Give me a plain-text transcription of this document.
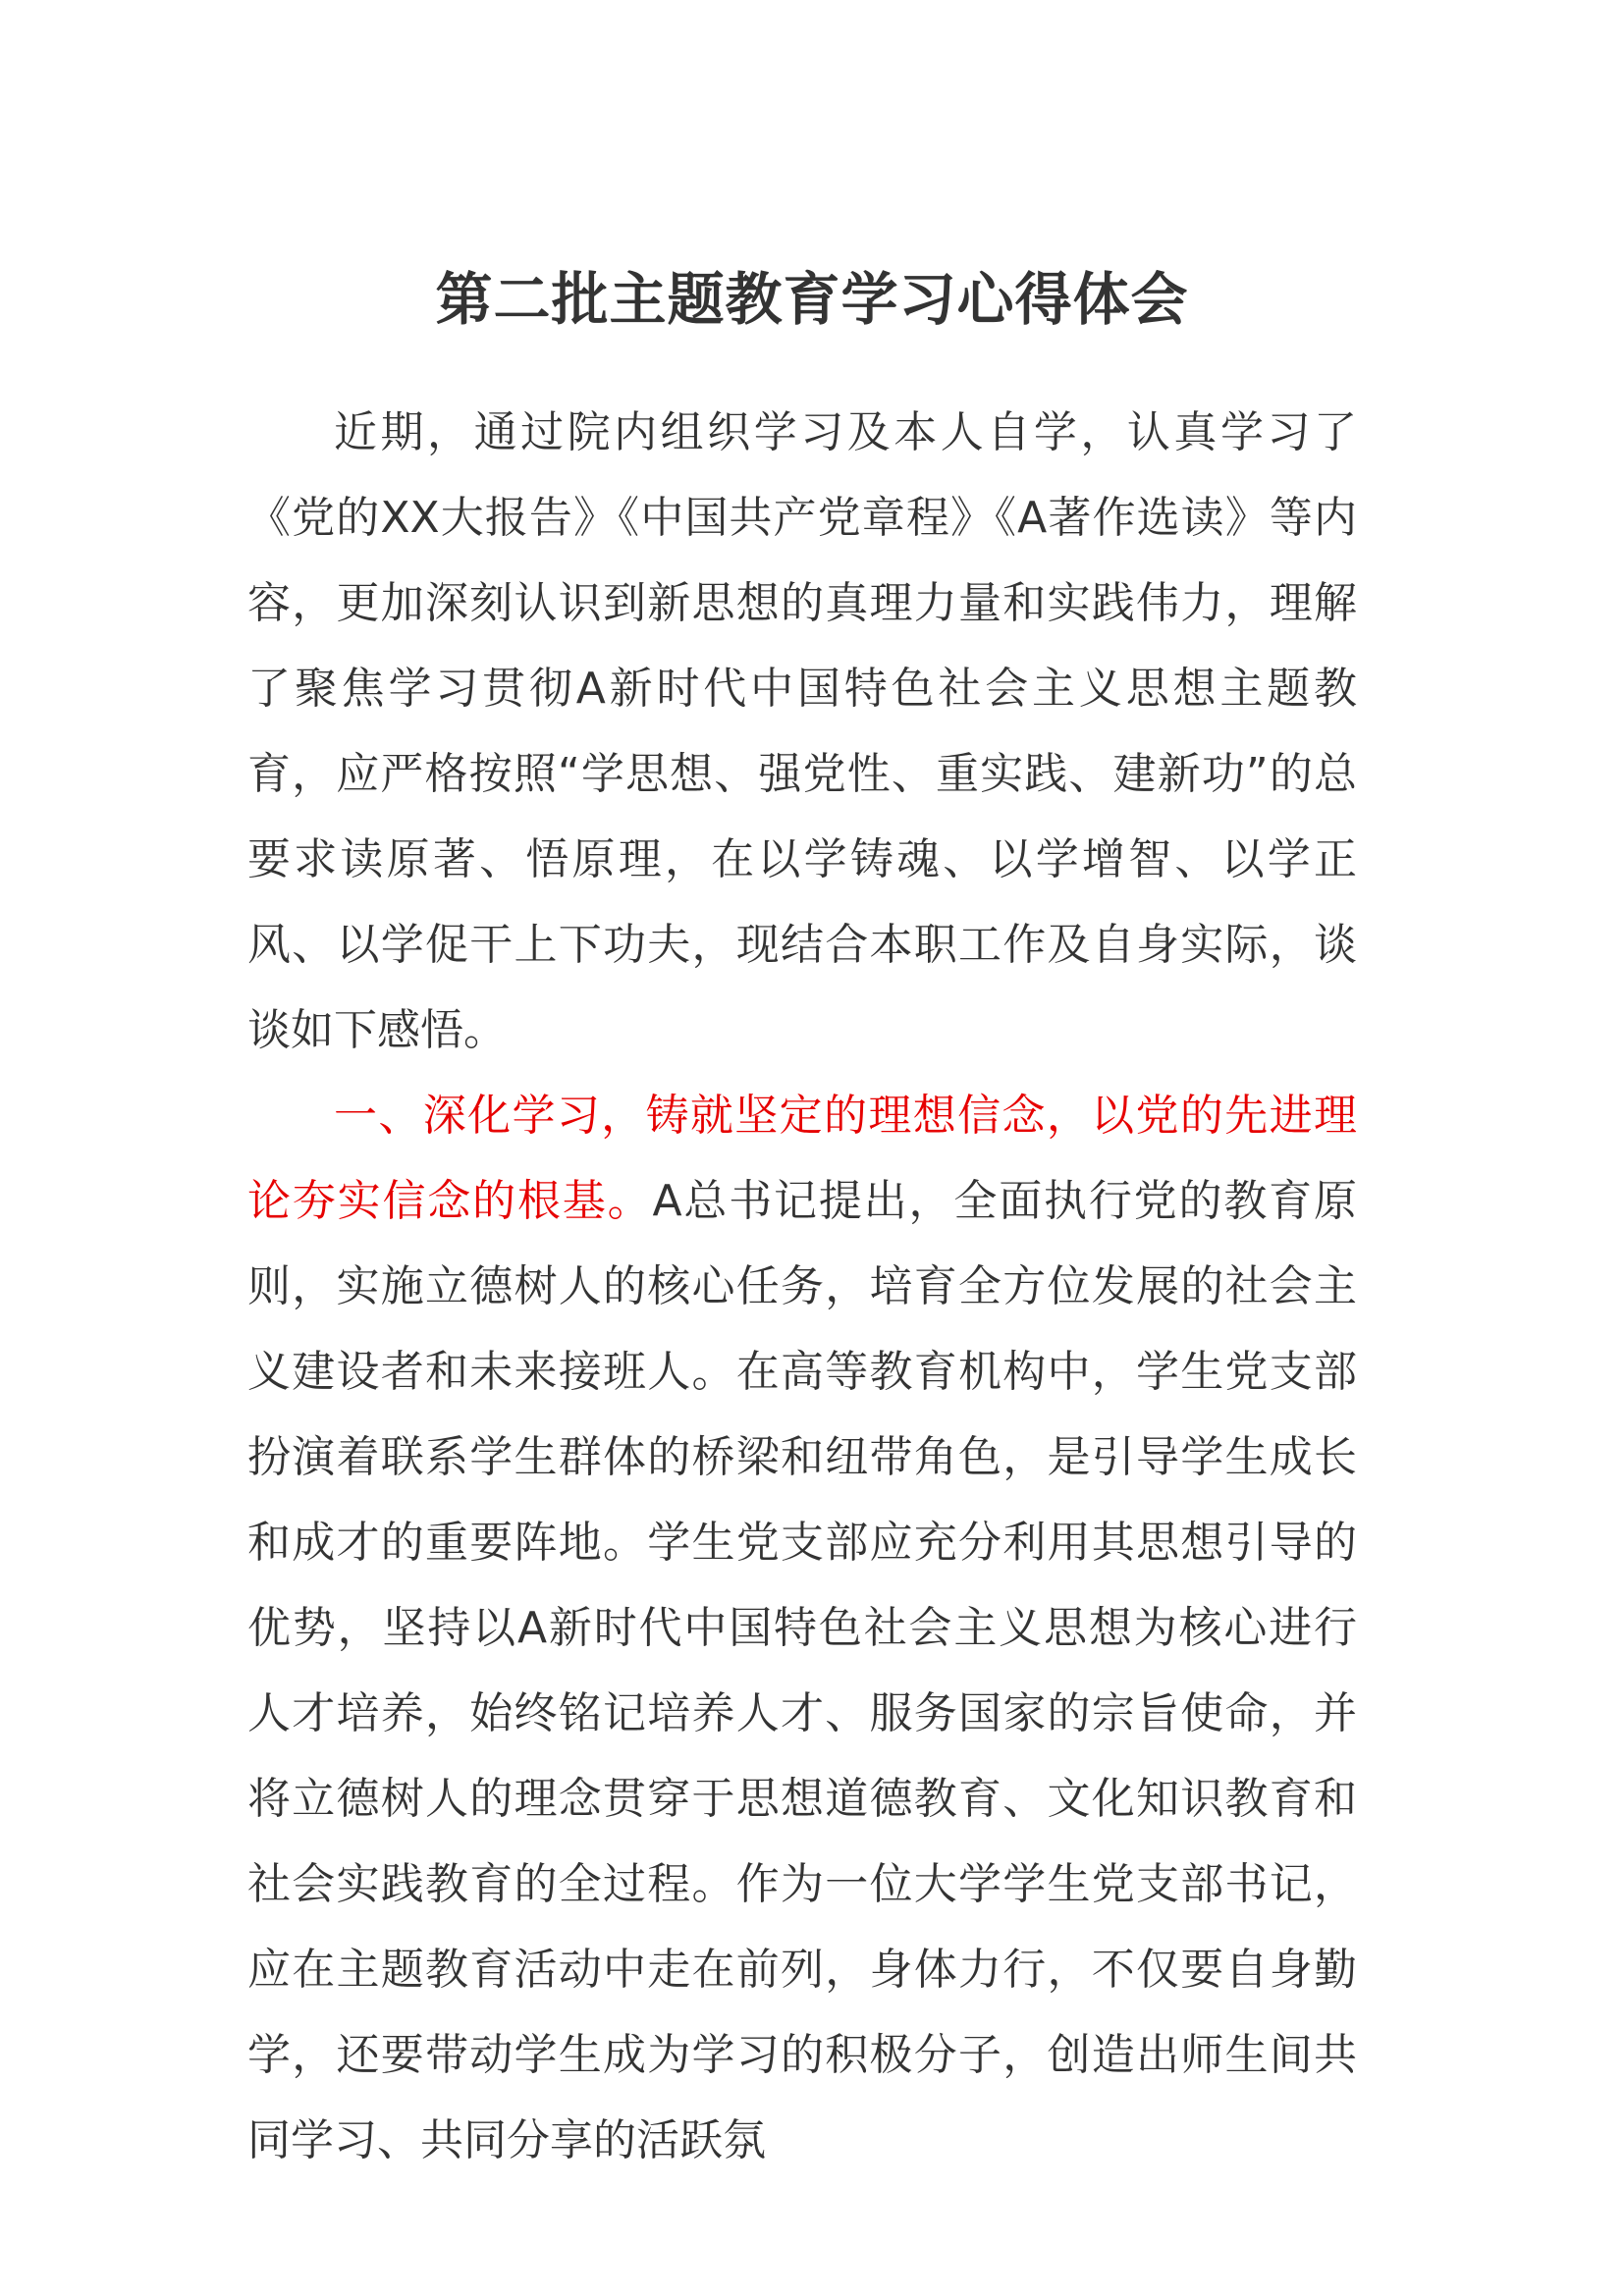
第二批主题教育学习心得体会

近期，通过院内组织学习及本人自学，认真学习了《党的XX大报告》《中国共产党章程》《A著作选读》等内容，更加深刻认识到新思想的真理力量和实践伟力，理解了聚焦学习贯彻A新时代中国特色社会主义思想主题教育，应严格按照“学思想、强党性、重实践、建新功”的总要求读原著、悟原理，在以学铸魂、以学增智、以学正风、以学促干上下功夫，现结合本职工作及自身实际，谈谈如下感悟。

一、深化学习，铸就坚定的理想信念，以党的先进理论夯实信念的根基。A总书记提出，全面执行党的教育原则，实施立德树人的核心任务，培育全方位发展的社会主义建设者和未来接班人。在高等教育机构中，学生党支部扮演着联系学生群体的桥梁和纽带角色，是引导学生成长和成才的重要阵地。学生党支部应充分利用其思想引导的优势，坚持以A新时代中国特色社会主义思想为核心进行人才培养，始终铭记培养人才、服务国家的宗旨使命，并将立德树人的理念贯穿于思想道德教育、文化知识教育和社会实践教育的全过程。作为一位大学学生党支部书记，应在主题教育活动中走在前列，身体力行，不仅要自身勤学，还要带动学生成为学习的积极分子，创造出师生间共同学习、共同分享的活跃氛
